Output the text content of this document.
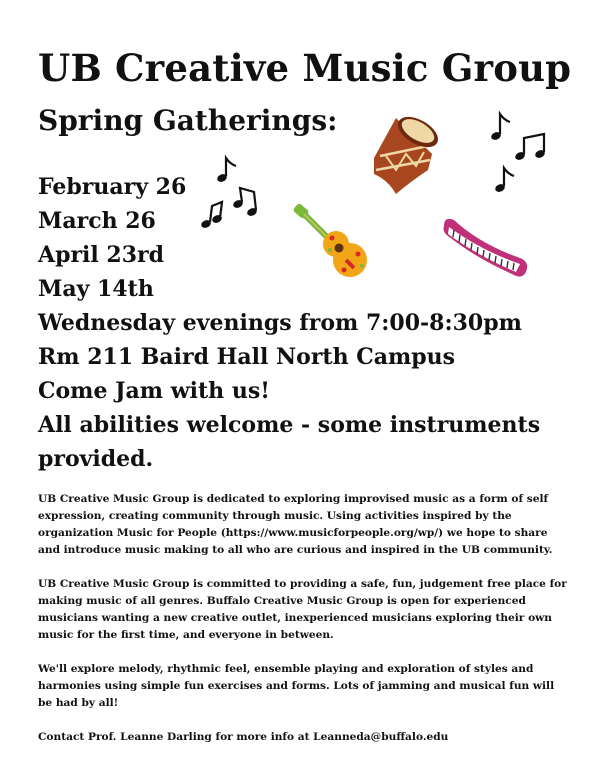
UB Creative Music Group
Spring Gatherings:
February 26
March 26
April 23rd
May 14th
Wednesday evenings from 7:00-8:30pm
Rm 211 Baird Hall North Campus
Come Jam with us!
All abilities welcome - some instruments provided.

UB Creative Music Group is dedicated to exploring improvised music as a form of self expression, creating community through music. Using activities inspired by the organization Music for People (https://www.musicforpeople.org/wp/) we hope to share and introduce music making to all who are curious and inspired in the UB community.

UB Creative Music Group is committed to providing a safe, fun, judgement free place for making music of all genres. Buffalo Creative Music Group is open for experienced musicians wanting a new creative outlet, inexperienced musicians exploring their own music for the first time, and everyone in between.

We'll explore melody, rhythmic feel, ensemble playing and exploration of styles and harmonies using simple fun exercises and forms. Lots of jamming and musical fun will be had by all!

Contact Prof. Leanne Darling for more info at Leanneda@buffalo.edu
